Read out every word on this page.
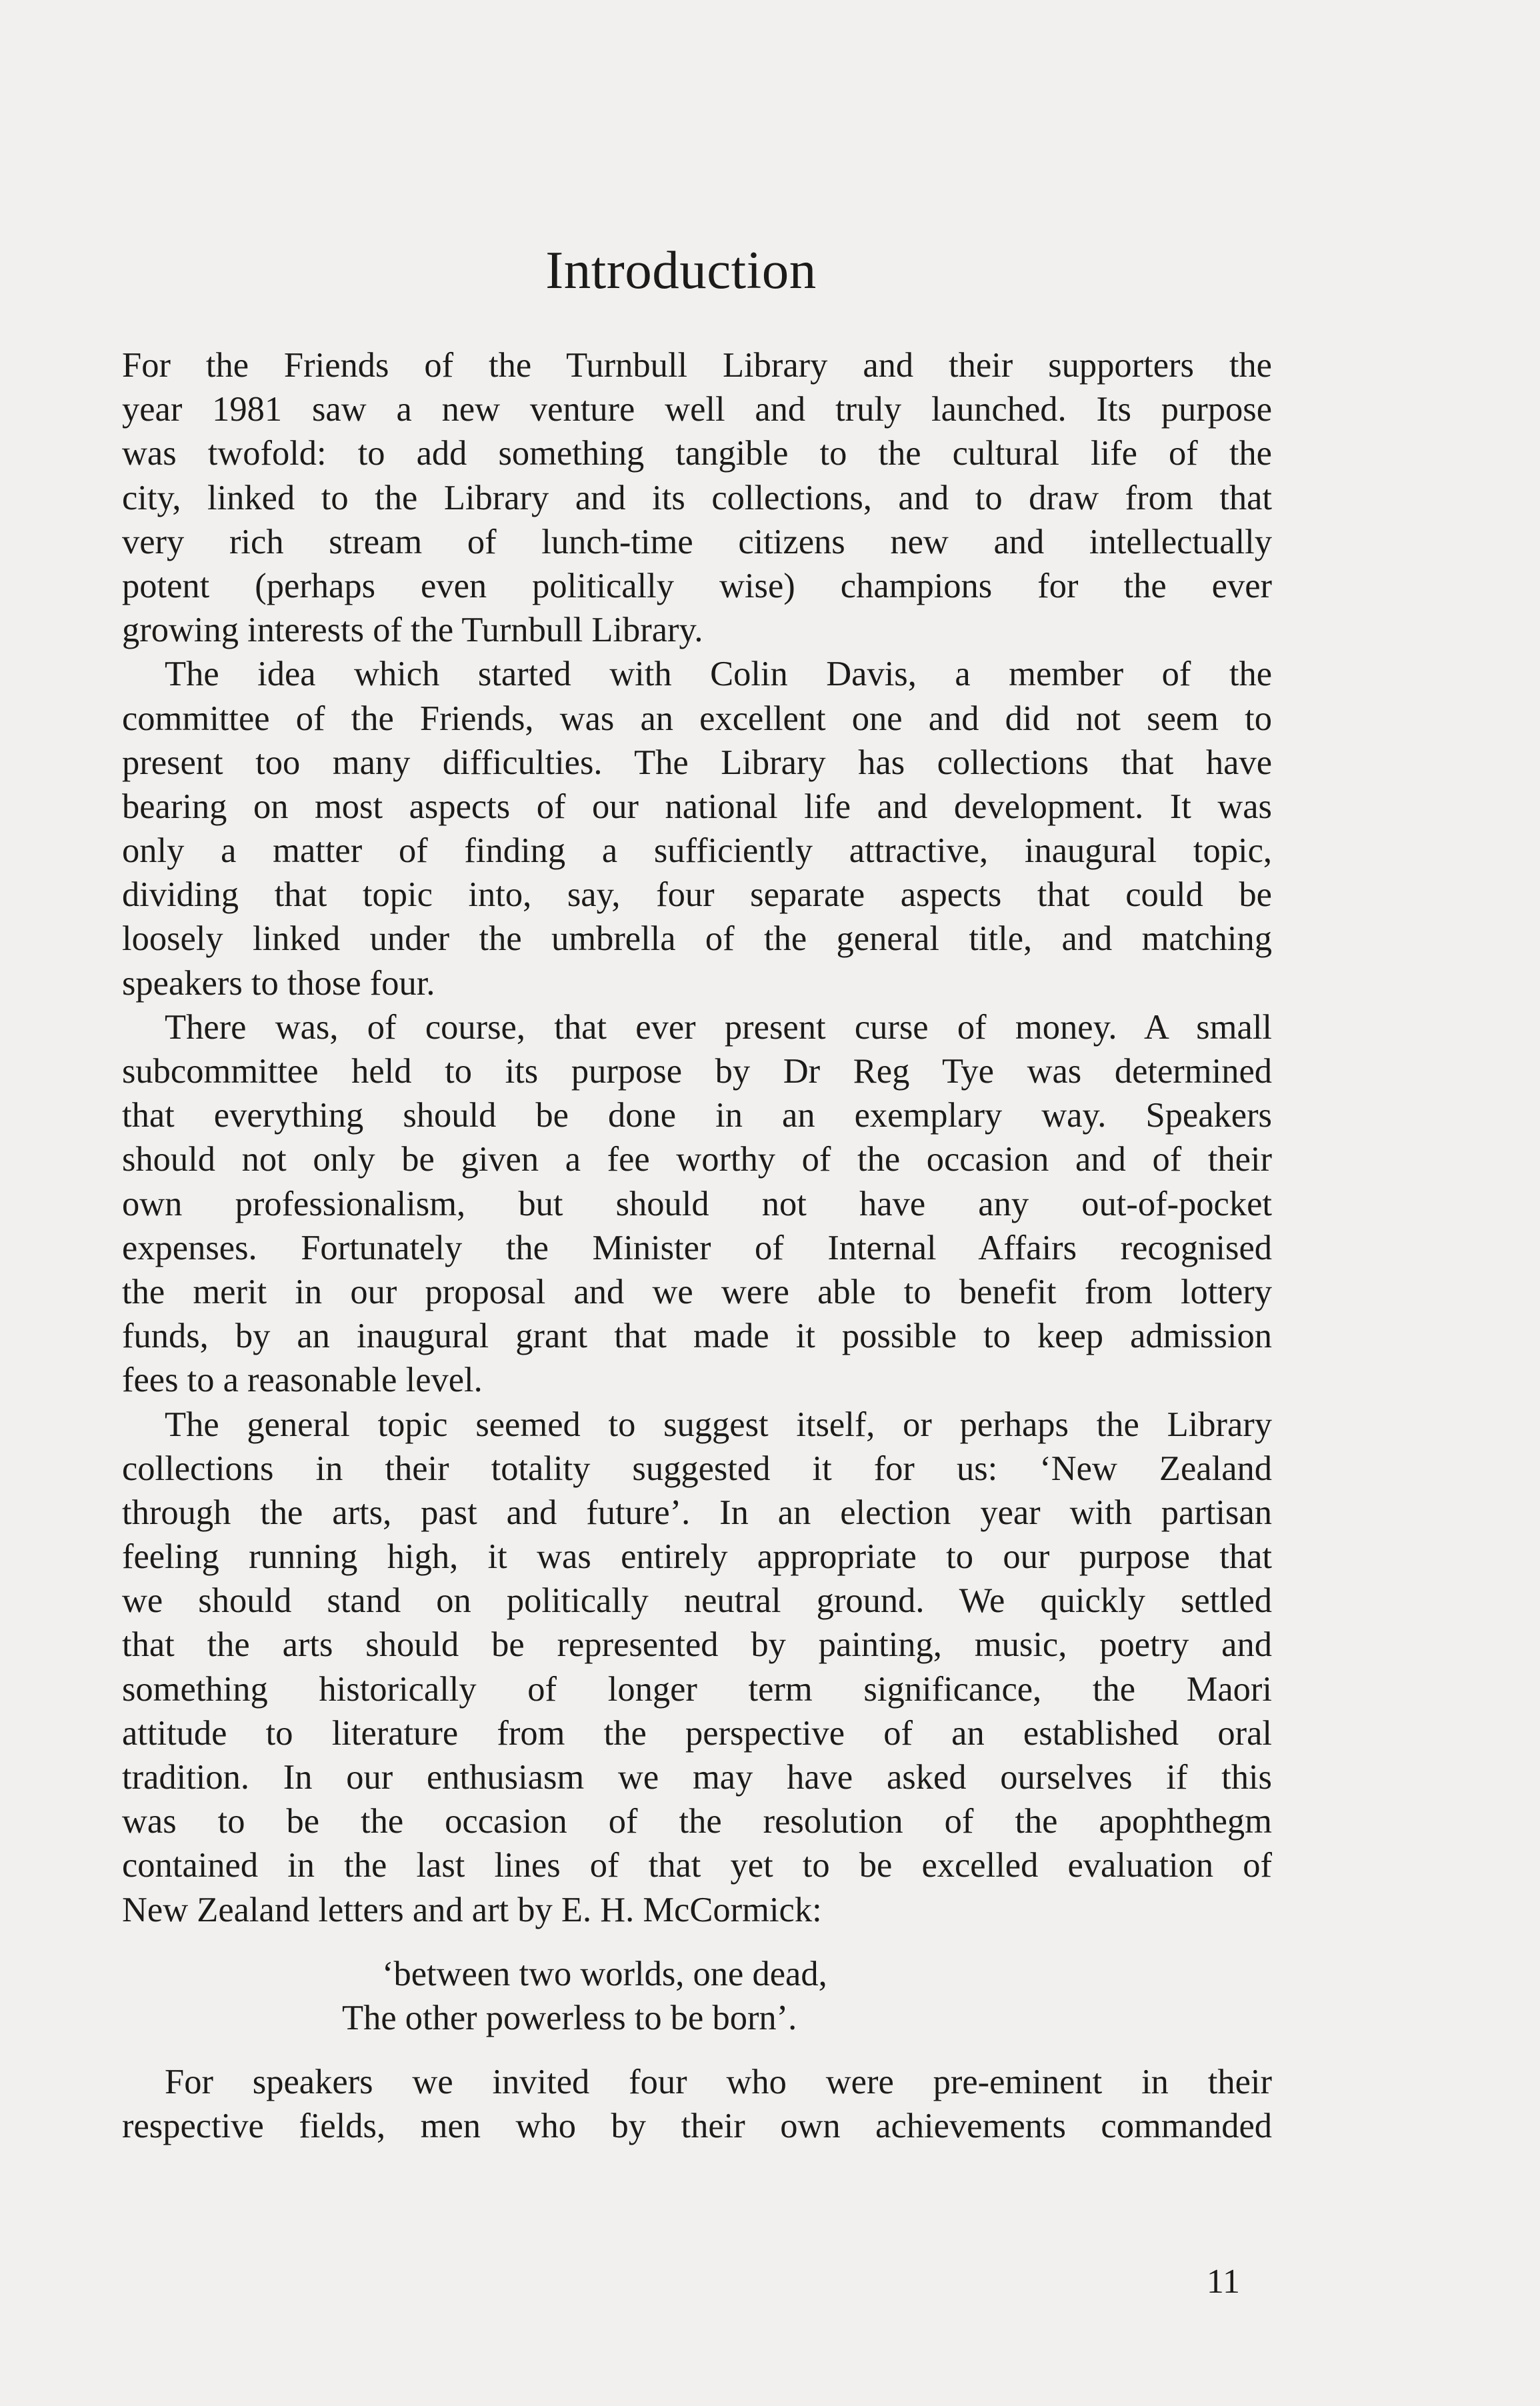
Introduction
For the Friends of the Turnbull Library and their supporters the
year 1981 saw a new venture well and truly launched. Its purpose
was twofold: to add something tangible to the cultural life of the
city, linked to the Library and its collections, and to draw from that
very rich stream of lunch-time citizens new and intellectually
potent (perhaps even politically wise) champions for the ever
growing interests of the Turnbull Library.
The idea which started with Colin Davis, a member of the
committee of the Friends, was an excellent one and did not seem to
present too many difficulties. The Library has collections that have
bearing on most aspects of our national life and development. It was
only a matter of finding a sufficiently attractive, inaugural topic,
dividing that topic into, say, four separate aspects that could be
loosely linked under the umbrella of the general title, and matching
speakers to those four.
There was, of course, that ever present curse of money. A small
subcommittee held to its purpose by Dr Reg Tye was determined
that everything should be done in an exemplary way. Speakers
should not only be given a fee worthy of the occasion and of their
own professionalism, but should not have any out-of-pocket
expenses. Fortunately the Minister of Internal Affairs recognised
the merit in our proposal and we were able to benefit from lottery
funds, by an inaugural grant that made it possible to keep admission
fees to a reasonable level.
The general topic seemed to suggest itself, or perhaps the Library
collections in their totality suggested it for us: ‘New Zealand
through the arts, past and future’. In an election year with partisan
feeling running high, it was entirely appropriate to our purpose that
we should stand on politically neutral ground. We quickly settled
that the arts should be represented by painting, music, poetry and
something historically of longer term significance, the Maori
attitude to literature from the perspective of an established oral
tradition. In our enthusiasm we may have asked ourselves if this
was to be the occasion of the resolution of the apophthegm
contained in the last lines of that yet to be excelled evaluation of
New Zealand letters and art by E. H. McCormick:
‘between two worlds, one dead,
The other powerless to be born’.
For speakers we invited four who were pre-eminent in their
respective fields, men who by their own achievements commanded
11
